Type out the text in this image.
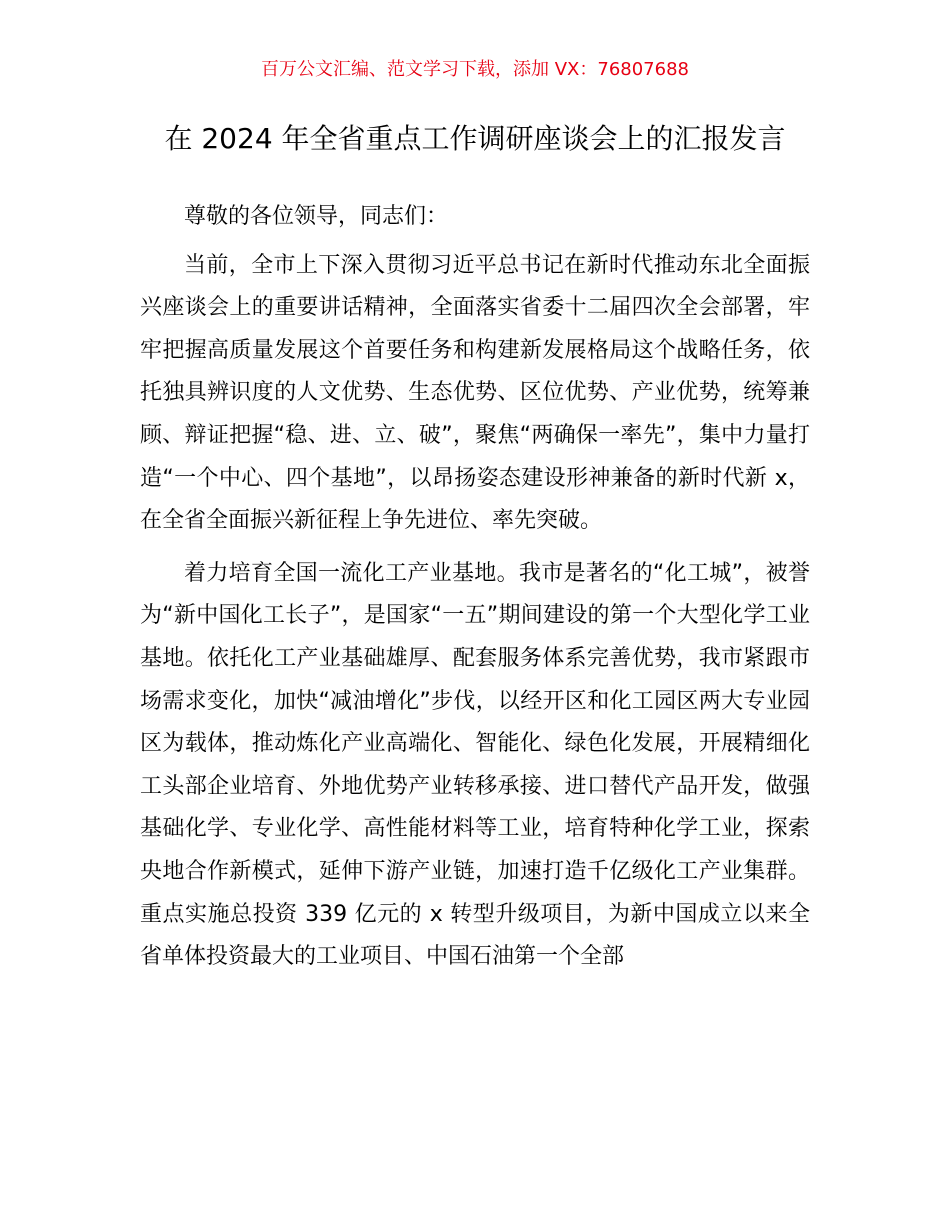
百万公文汇编、范文学习下载，添加 VX：76807688
在 2024 年全省重点工作调研座谈会上的汇报发言

尊敬的各位领导，同志们：

当前，全市上下深入贯彻习近平总书记在新时代推动东北全面振兴座谈会上的重要讲话精神，全面落实省委十二届四次全会部署，牢牢把握高质量发展这个首要任务和构建新发展格局这个战略任务，依托独具辨识度的人文优势、生态优势、区位优势、产业优势，统筹兼顾、辩证把握“稳、进、立、破”，聚焦“两确保一率先”，集中力量打造“一个中心、四个基地”，以昂扬姿态建设形神兼备的新时代新 x，在全省全面振兴新征程上争先进位、率先突破。

着力培育全国一流化工产业基地。我市是著名的“化工城”，被誉为“新中国化工长子”，是国家“一五”期间建设的第一个大型化学工业基地。依托化工产业基础雄厚、配套服务体系完善优势，我市紧跟市场需求变化，加快“减油增化”步伐，以经开区和化工园区两大专业园区为载体，推动炼化产业高端化、智能化、绿色化发展，开展精细化工头部企业培育、外地优势产业转移承接、进口替代产品开发，做强基础化学、专业化学、高性能材料等工业，培育特种化学工业，探索央地合作新模式，延伸下游产业链，加速打造千亿级化工产业集群。重点实施总投资 339 亿元的 x 转型升级项目，为新中国成立以来全省单体投资最大的工业项目、中国石油第一个全部
